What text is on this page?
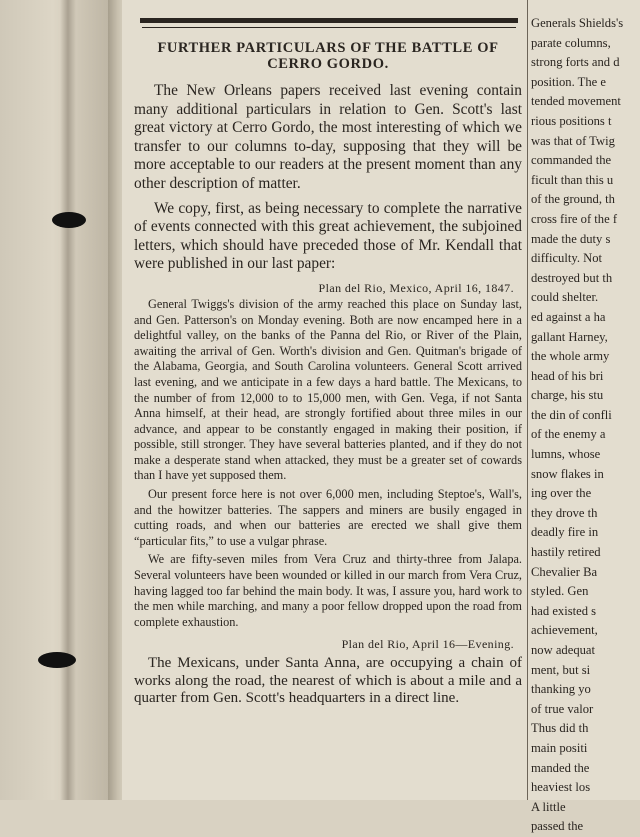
FURTHER PARTICULARS OF THE BATTLE OF
CERRO GORDO.

The New Orleans papers received last evening contain many additional particulars in relation to Gen. Scott's last great victory at Cerro Gordo, the most interesting of which we transfer to our columns to-day, supposing that they will be more acceptable to our readers at the present moment than any other description of matter.

We copy, first, as being necessary to complete the narrative of events connected with this great achievement, the subjoined letters, which should have preceded those of Mr. Kendall that were published in our last paper:

Plan del Rio, Mexico, April 16, 1847.

General Twiggs's division of the army reached this place on Sunday last, and Gen. Patterson's on Monday evening. Both are now encamped here in a delightful valley, on the banks of the Panna del Rio, or River of the Plain, awaiting the arrival of Gen. Worth's division and Gen. Quitman's brigade of the Alabama, Georgia, and South Carolina volunteers. General Scott arrived last evening, and we anticipate in a few days a hard battle. The Mexicans, to the number of from 12,000 to to 15,000 men, with Gen. Vega, if not Santa Anna himself, at their head, are strongly fortified about three miles in our advance, and appear to be constantly engaged in making their position, if possible, still stronger. They have several batteries planted, and if they do not make a desperate stand when attacked, they must be a greater set of cowards than I have yet supposed them.

Our present force here is not over 6,000 men, including Steptoe's, Wall's, and the howitzer batteries. The sappers and miners are busily engaged in cutting roads, and when our batteries are erected we shall give them “particular fits,” to use a vulgar phrase.

We are fifty-seven miles from Vera Cruz and thirty-three from Jalapa. Several volunteers have been wounded or killed in our march from Vera Cruz, having lagged too far behind the main body. It was, I assure you, hard work to the men while marching, and many a poor fellow dropped upon the road from complete exhaustion.

Plan del Rio, April 16—Evening.

The Mexicans, under Santa Anna, are occupying a chain of works along the road, the nearest of which is about a mile and a quarter from Gen. Scott's headquarters in a direct line.

Generals Shields's
parate columns,
strong forts and d
position. The e
tended movement
rious positions t
was that of Twig
commanded the
ficult than this u
of the ground, th
cross fire of the f
made the duty s
difficulty. Not
destroyed but th
could shelter.
ed against a ha
gallant Harney,
the whole army
head of his bri
charge, his stu
the din of confli
of the enemy a
lumns, whose
snow flakes in
ing over the
they drove th
deadly fire in
hastily retired
Chevalier Ba
styled. Gen
had existed s
achievement,
now adequat
ment, but si
thanking yo
of true valor
Thus did th
main positi
manded the
heaviest los
A little
passed the
